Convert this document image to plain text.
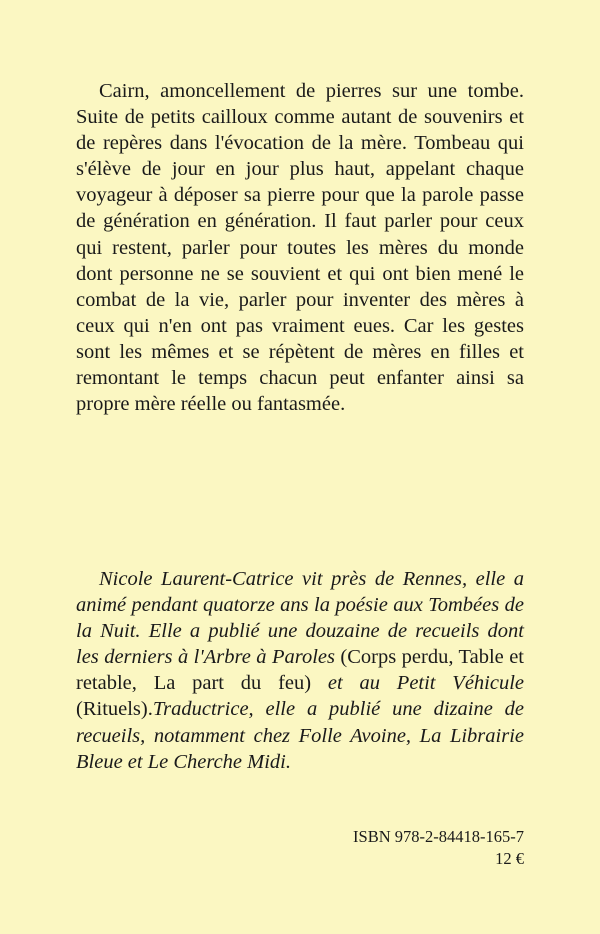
Cairn, amoncellement de pierres sur une tombe. Suite de petits cailloux comme autant de souvenirs et de repères dans l'évocation de la mère. Tombeau qui s'élève de jour en jour plus haut, appelant chaque voyageur à déposer sa pierre pour que la parole passe de génération en génération. Il faut parler pour ceux qui restent, parler pour toutes les mères du monde dont personne ne se souvient et qui ont bien mené le combat de la vie, parler pour inventer des mères à ceux qui n'en ont pas vraiment eues. Car les gestes sont les mêmes et se répètent de mères en filles et remontant le temps chacun peut enfanter ainsi sa propre mère réelle ou fantasmée.

Nicole Laurent-Catrice vit près de Rennes, elle a animé pendant quatorze ans la poésie aux Tombées de la Nuit. Elle a publié une douzaine de recueils dont les derniers à l'Arbre à Paroles (Corps perdu, Table et retable, La part du feu) et au Petit Véhicule (Rituels).Traductrice, elle a publié une dizaine de recueils, notamment chez Folle Avoine, La Librairie Bleue et Le Cherche Midi.

ISBN 978-2-84418-165-7
12 €
